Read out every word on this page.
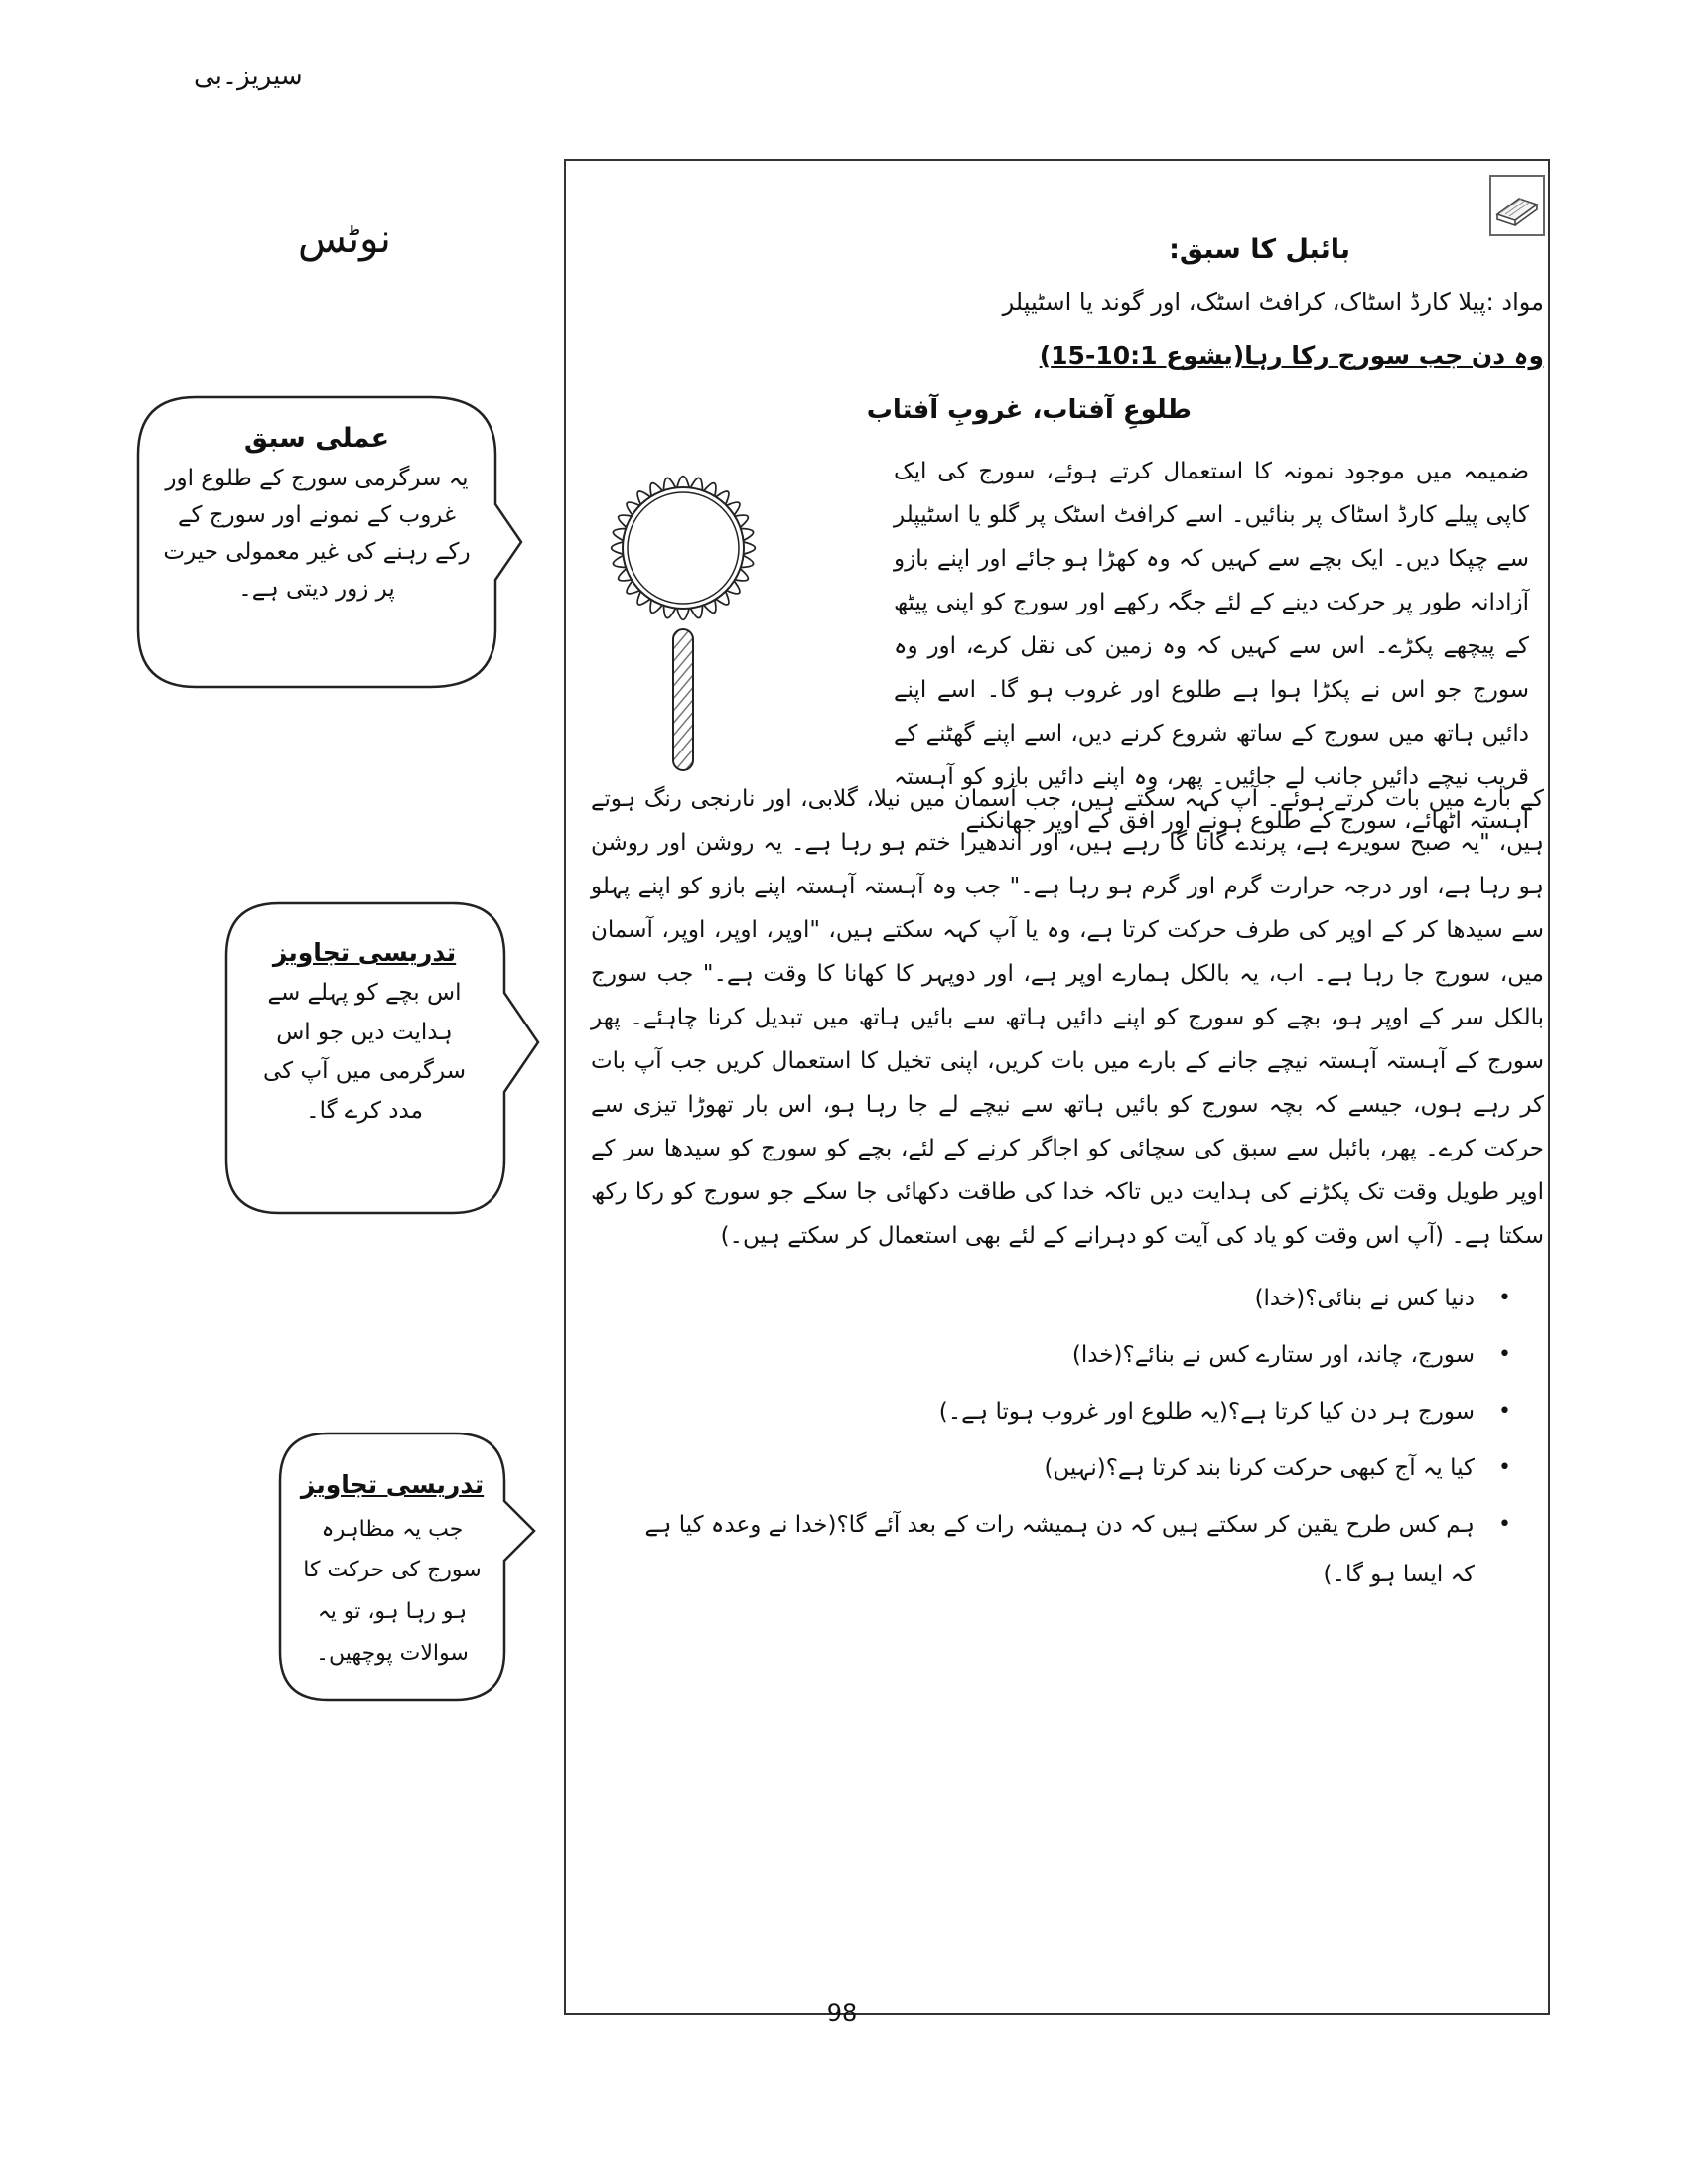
سیریز۔بی
نوٹس
عملی سبق
یہ سرگرمی سورج کے طلوع اور غروب کے نمونے اور سورج کے رکے رہنے کی غیر معمولی حیرت پر زور دیتی ہے۔
تدریسی تجاویز
اس بچے کو پہلے سے ہدایت دیں جو اس سرگرمی میں آپ کی مدد کرے گا۔
تدریسی تجاویز
جب یہ مظاہرہ سورج کی حرکت کا ہو رہا ہو، تو یہ سوالات پوچھیں۔
بائبل کا سبق:
مواد :پیلا کارڈ اسٹاک، کرافٹ اسٹک، اور گوند یا اسٹیپلر
وہ دن جب سورج رکا رہا(یشوع 10:1-15)
طلوعِ آفتاب، غروبِ آفتاب
ضمیمہ میں موجود نمونہ کا استعمال کرتے ہوئے، سورج کی ایک کاپی پیلے کارڈ اسٹاک پر بنائیں۔ اسے کرافٹ اسٹک پر گلو یا اسٹیپلر سے چپکا دیں۔ ایک بچے سے کہیں کہ وہ کھڑا ہو جائے اور اپنے بازو آزادانہ طور پر حرکت دینے کے لئے جگہ رکھے اور سورج کو اپنی پیٹھ کے پیچھے پکڑے۔ اس سے کہیں کہ وہ زمین کی نقل کرے، اور وہ سورج جو اس نے پکڑا ہوا ہے طلوع اور غروب ہو گا۔ اسے اپنے دائیں ہاتھ میں سورج کے ساتھ شروع کرنے دیں، اسے اپنے گھٹنے کے قریب نیچے دائیں جانب لے جائیں۔ پھر، وہ اپنے دائیں بازو کو آہستہ آہستہ اٹھائے، سورج کے طلوع ہونے اور افق کے اوپر جھانکنے
کے بارے میں بات کرتے ہوئے۔ آپ کہہ سکتے ہیں، جب آسمان میں نیلا، گلابی، اور نارنجی رنگ ہوتے ہیں، "یہ صبح سویرے ہے، پرندے گانا گا رہے ہیں، اور اندھیرا ختم ہو رہا ہے۔ یہ روشن اور روشن ہو رہا ہے، اور درجہ حرارت گرم اور گرم ہو رہا ہے۔" جب وہ آہستہ آہستہ اپنے بازو کو اپنے پہلو سے سیدھا کر کے اوپر کی طرف حرکت کرتا ہے، وہ یا آپ کہہ سکتے ہیں، "اوپر، اوپر، اوپر، آسمان میں، سورج جا رہا ہے۔ اب، یہ بالکل ہمارے اوپر ہے، اور دوپہر کا کھانا کا وقت ہے۔" جب سورج بالکل سر کے اوپر ہو، بچے کو سورج کو اپنے دائیں ہاتھ سے بائیں ہاتھ میں تبدیل کرنا چاہئے۔ پھر سورج کے آہستہ آہستہ نیچے جانے کے بارے میں بات کریں، اپنی تخیل کا استعمال کریں جب آپ بات کر رہے ہوں، جیسے کہ بچہ سورج کو بائیں ہاتھ سے نیچے لے جا رہا ہو، اس بار تھوڑا تیزی سے حرکت کرے۔ پھر، بائبل سے سبق کی سچائی کو اجاگر کرنے کے لئے، بچے کو سورج کو سیدھا سر کے اوپر طویل وقت تک پکڑنے کی ہدایت دیں تاکہ خدا کی طاقت دکھائی جا سکے جو سورج کو رکا رکھ سکتا ہے۔ (آپ اس وقت کو یاد کی آیت کو دہرانے کے لئے بھی استعمال کر سکتے ہیں۔)
•
دنیا کس نے بنائی؟(خدا)
•
سورج، چاند، اور ستارے کس نے بنائے؟(خدا)
•
سورج ہر دن کیا کرتا ہے؟(یہ طلوع اور غروب ہوتا ہے۔)
•
کیا یہ آج کبھی حرکت کرنا بند کرتا ہے؟(نہیں)
•
ہم کس طرح یقین کر سکتے ہیں کہ دن ہمیشہ رات کے بعد آئے گا؟(خدا نے وعدہ کیا ہے کہ ایسا ہو گا۔)
98
